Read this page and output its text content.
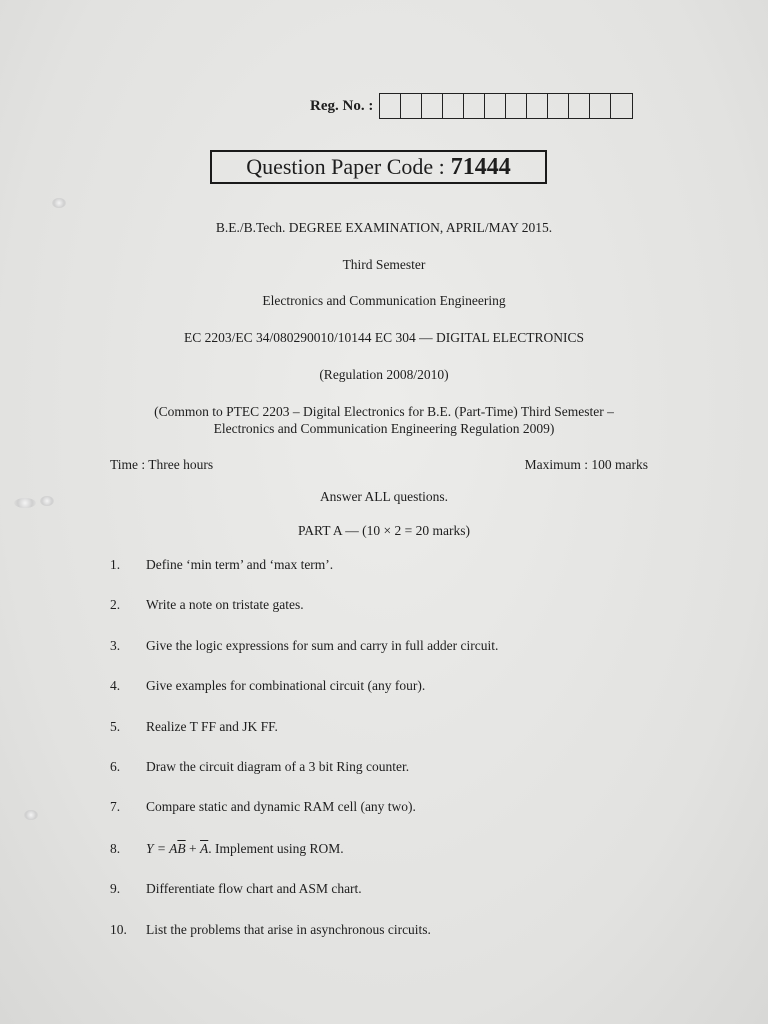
Reg. No. :
Question Paper Code : 71444
B.E./B.Tech. DEGREE EXAMINATION, APRIL/MAY 2015.
Third Semester
Electronics and Communication Engineering
EC 2203/EC 34/080290010/10144 EC 304 — DIGITAL ELECTRONICS
(Regulation 2008/2010)
(Common to PTEC 2203 – Digital Electronics for B.E. (Part-Time) Third Semester –
Electronics and Communication Engineering Regulation 2009)
Time : Three hours	Maximum : 100 marks
Answer ALL questions.
PART A — (10 × 2 = 20 marks)
1.	Define ‘min term’ and ‘max term’.
2.	Write a note on tristate gates.
3.	Give the logic expressions for sum and carry in full adder circuit.
4.	Give examples for combinational circuit (any four).
5.	Realize T FF and JK FF.
6.	Draw the circuit diagram of a 3 bit Ring counter.
7.	Compare static and dynamic RAM cell (any two).
8.	$Y = A\overline{B} + \overline{A}$ . Implement using ROM.
9.	Differentiate flow chart and ASM chart.
10.	List the problems that arise in asynchronous circuits.
